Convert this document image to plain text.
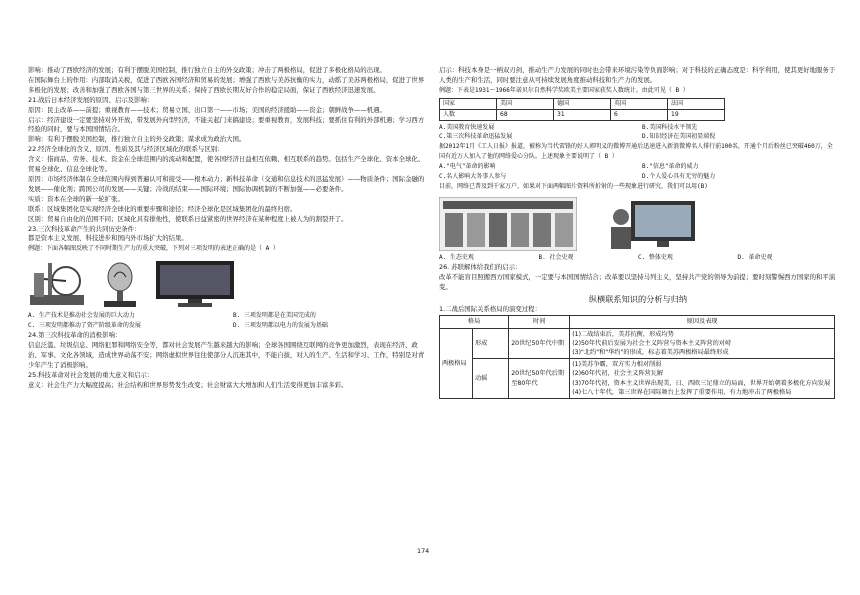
影响：推动了西欧经济的发展；有利于摆脱美国控制，推行独立自主的外交政策；冲击了两极格局，促进了多极化格局的出现。

在国际舞台上的作用：内部取消关税，促进了西欧各国经济和贸易的发展；增强了西欧与美苏抗衡的实力，动摇了美苏两极格局，促进了世界多极化的发展；改善和加强了西欧各国与第三世界的关系；保持了西欧长期友好合作的稳定局面，保证了西欧经济迅速发展。

21.战后日本经济发展的原因、启示及影响：

原因：民主改革——前提；重视教育——技术；贸易立国、出口第一——市场；美国的经济援助——资金；朝鲜战争——机遇。

启示：经济建设一定要坚持对外开放，带发展外向型经济，不能关起门来搞建设；要重视教育，发展科技；要抓住有利的外部机遇；学习西方经验的同时，要与本国国情结合。

影响：有利于摆脱美国控制，推行独立自主的外交政策；谋求成为政治大国。

22.经济全球化的含义、原因、性质及其与经济区域化的联系与区别：

含义：指商品、劳务、技术、资金在全球范围内的流动和配置，使各国经济日益相互依赖、相互联系的趋势。包括生产全球化、资本全球化、贸易全球化、信息全球化等。

原因：市场经济体制在全球范围内得到普遍认可和接受——根本动力；新科技革命（交通和信息技术的迅猛发展）——物质条件；国际金融的发展——催化剂；跨国公司的发展——关键；冷战的结束——国际环境；国际协调机制的不断加强——必要条件。

实质：资本在全球的新一轮扩张。

联系：区域集团化是实现经济全球化的重要步骤和途径；经济全球化是区域集团化的最终归宿。

区别：贸易自由化的范围不同；区域化具有排他性，使联系日益紧密的世界经济在某种程度上被人为的割裂开了。

23.三次科技革命产生的共同历史条件：

都是资本主义发展、科技进步和国内外市场扩大的结果。

例题：下面各幅图反映了不同时期生产力的重大突破，下列对三项发明的表述正确的是（ A ）

A. 生产技术是推动社会发展的巨大动力	B. 三项发明都是在美国完成的
C. 三项发明都推动了资产阶级革命的发展	D. 三项发明都以电力的发展为基础

24.第三次科技革命的消极影响：

信息泛滥、垃圾信息、网络犯罪和网络安全等，都对社会发展产生越来越大的影响；全球各国围绕互联网的竞争更加激烈，表现在经济、政治、军事、文化各领域，造成世界动荡不安；网络虚拟世界往往使部分人沉迷其中，不能自拔，对人的生产、生活和学习、工作，特别是对青少年产生了消极影响。

25.科技革命对社会发展的重大意义和启示：

意义：社会生产力大幅度提高；社会结构和世界形势发生改变；社会财富大大增加和人们生活变得更加丰富多彩。

启示：科技本身是一柄双刃剑，推动生产力发展的同时也会带来环境污染等负面影响；对于科技的正确态度是：科学利用，使其更好地服务于人类的生产和生活，同时要注意从可持续发展角度推动科技和生产力的发展。

例题：下表是1931～1966年诺贝尔自然科学奖欧美主要国家获奖人数统计。由此可见（ B ）

国家	美国	德国	英国	法国
人数	68	31	6	19
A.美国教育快速发展	B.美国科技水平领先
C.第三次科技革命迅猛发展	D.知识经济在美国初显端倪

据2012年1月《工人日报》报道，被称为当代雷锋的好人郭明义的微博开通后迅速进入新浪微博名人排行前100名，开通个月后粉丝已突破460万，全国有近万人加入了他的网络爱心分队。上述现象主要说明了（ B ）

A."电气"革命的影响	B."信息"革命的威力
C.名人影响大务事人参与	D.个人爱心具有无穷的魅力

目前，网络已普及到千家万户，如果对下面两幅图片资料所折射的一些现象进行研究，我们可以用(B)

A. 生态史观	B. 社会史观	C. 整体史观	D. 革命史观

26. 苏联解体给我们的启示：

改革不能盲目照搬西方国家模式，一定要与本国国情结合；改革要以坚持马列主义，坚持共产党的领导为前提；要时刻警惕西方国家的和平演变。

纵横联系知识的分析与归纳

1.二战后国际关系格局的演变过程：

格局		时间	原因及表现
两极格局	形成	20世纪50年代中期	(1)二战结束后，美苏抗衡，形成均势
(2)50年代前后发展为社会主义阵营与资本主义阵营的对峙
(3)"北约"和"华约"的形成，标志着美苏两极格局最终形成

	动摇	20世纪50年代后期至80年代	(1)美苏争霸，双方实力相对削弱
(2)60年代初，社会主义阵营瓦解
(3)70年代初，资本主义世界出现美、日、西欧三足鼎立的局面，世界开始朝着多极化方向发展
(4)七八十年代，第三世界在国际舞台上发挥了重要作用，有力地冲击了两极格局
174
